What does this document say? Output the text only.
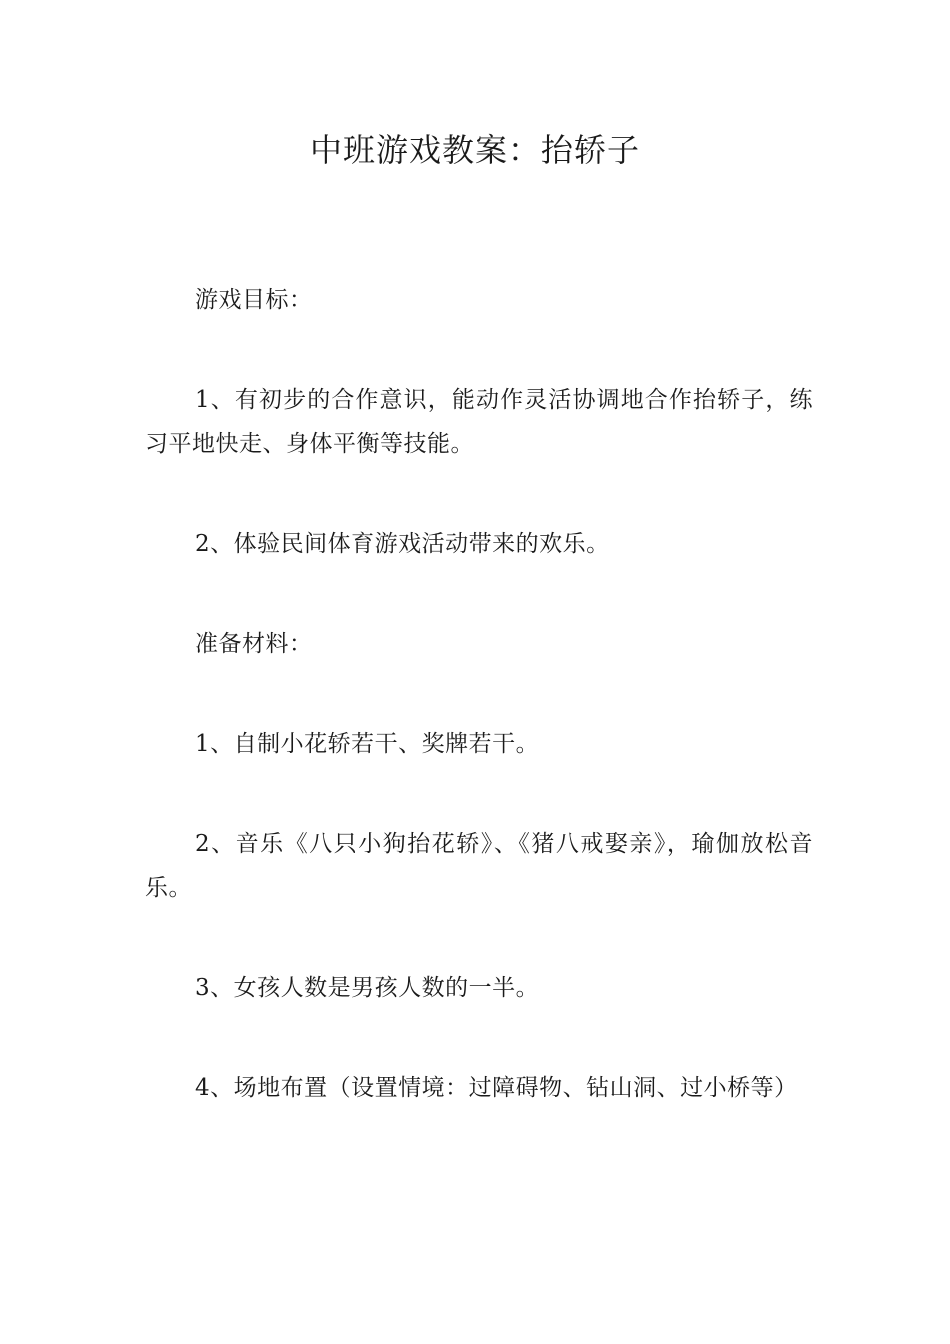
中班游戏教案：抬轿子

游戏目标：

1、有初步的合作意识，能动作灵活协调地合作抬轿子，练习平地快走、身体平衡等技能。

2、体验民间体育游戏活动带来的欢乐。

准备材料：

1、自制小花轿若干、奖牌若干。

2、音乐《八只小狗抬花轿》、《猪八戒娶亲》，瑜伽放松音乐。

3、女孩人数是男孩人数的一半。

4、场地布置（设置情境：过障碍物、钻山洞、过小桥等）
